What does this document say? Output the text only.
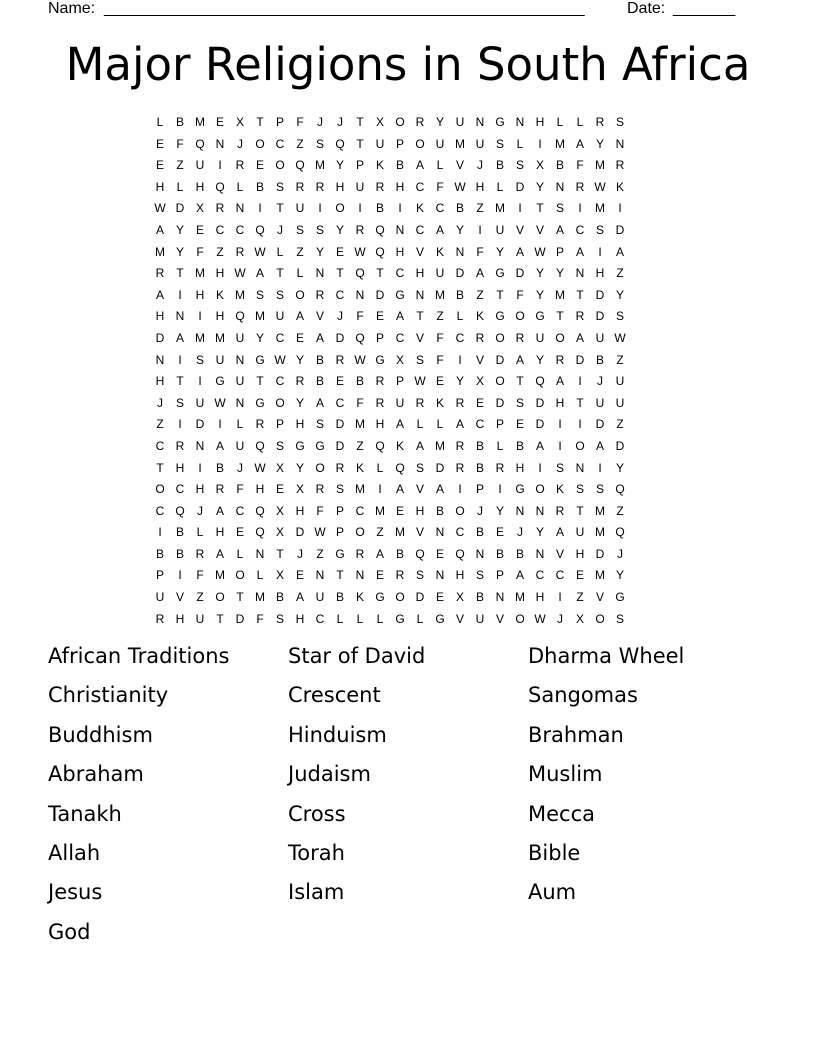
Name: ______________________________________________________	Date: _______
Major Religions in South Africa
L B M E X T P F J J T X O R Y U N G N H L L R S
E F Q N J O C Z S Q T U P O U M U S L I M A Y N
E Z U I R E O Q M Y P K B A L V J B S X B F M R
H L H Q L B S R R H U R H C F W H L D Y N R W K
W D X R N I T U I O I B I K C B Z M I T S I M I
A Y E C C Q J S S Y R Q N C A Y I U V V A C S D
M Y F Z R W L Z Y E W Q H V K N F Y A W P A I A
R T M H W A T L N T Q T C H U D A G D Y Y N H Z
A I H K M S S O R C N D G N M B Z T F Y M T D Y
H N I H Q M U A V J F E A T Z L K G O G T R D S
D A M M U Y C E A D Q P C V F C R O R U O A U W
N I S U N G W Y B R W G X S F I V D A Y R D B Z
H T I G U T C R B E B R P W E Y X O T Q A I J U
J S U W N G O Y A C F R U R K R E D S D H T U U
Z I D I L R P H S D M H A L L A C P E D I I D Z
C R N A U Q S G G D Z Q K A M R B L B A I O A D
T H I B J W X Y O R K L Q S D R B R H I S N I Y
O C H R F H E X R S M I A V A I P I G O K S S Q
C Q J A C Q X H F P C M E H B O J Y N N R T M Z
I B L H E Q X D W P O Z M V N C B E J Y A U M Q
B B R A L N T J Z G R A B Q E Q N B B N V H D J
P I F M O L X E N T N E R S N H S P A C C E M Y
U V Z O T M B A U B K G O D E X B N M H I Z V G
R H U T D F S H C L L L G L G V U V O W J X O S
African Traditions	Star of David	Dharma Wheel
Christianity	Crescent	Sangomas
Buddhism	Hinduism	Brahman
Abraham	Judaism	Muslim
Tanakh	Cross	Mecca
Allah	Torah	Bible
Jesus	Islam	Aum
God
